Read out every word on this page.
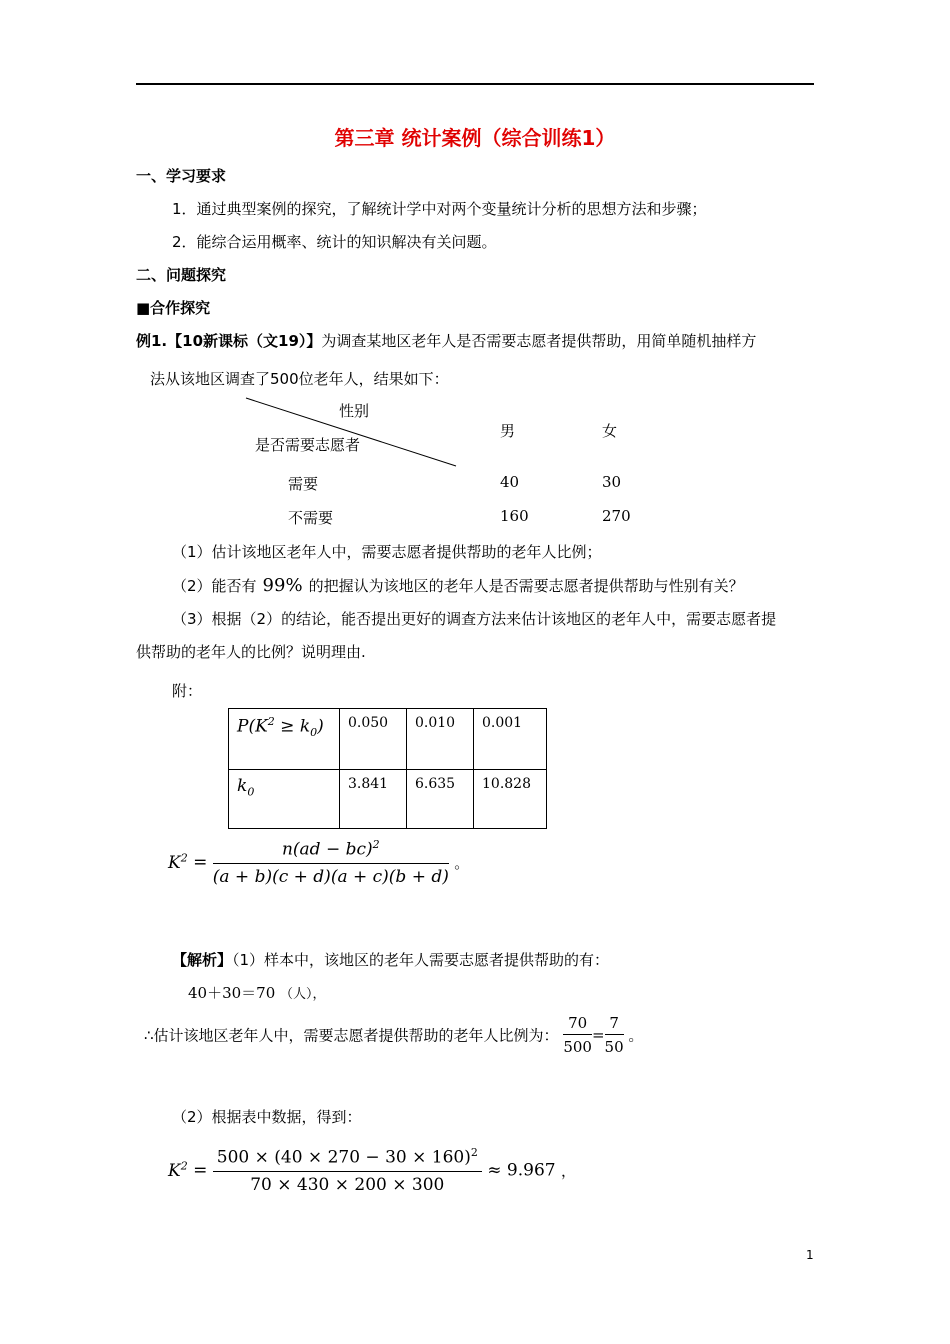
第三章 统计案例（综合训练1）
一、学习要求
1．通过典型案例的探究，了解统计学中对两个变量统计分析的思想方法和步骤；
2．能综合运用概率、统计的知识解决有关问题。
二、问题探究
■合作探究
例1.【10新课标（文19）】为调查某地区老年人是否需要志愿者提供帮助，用简单随机抽样方
法从该地区调查了500位老年人，结果如下：
性别
是否需要志愿者
男	女
需要	40	30
不需要	160	270
（1）估计该地区老年人中，需要志愿者提供帮助的老年人比例；
（2）能否有 99% 的把握认为该地区的老年人是否需要志愿者提供帮助与性别有关？
（3）根据（2）的结论，能否提出更好的调查方法来估计该地区的老年人中，需要志愿者提
供帮助的老年人的比例？说明理由.
附：
$P(K^2 \ge k_0)$	0.050	0.010	0.001
$k_0$	3.841	6.635	10.828
$K^2 = \frac{n(ad - bc)^2}{(a + b)(c + d)(a + c)(b + d)}$ 。
【解析】（1）样本中，该地区的老年人需要志愿者提供帮助的有：
40＋30＝70 （人），
∴估计该地区老年人中，需要志愿者提供帮助的老年人比例为： $\frac{70}{500} = \frac{7}{50}$ 。
（2）根据表中数据，得到：
$K^2 = \frac{500 \times (40 \times 270 - 30 \times 160)^2}{70 \times 430 \times 200 \times 300} \approx 9.967$ ，
1
